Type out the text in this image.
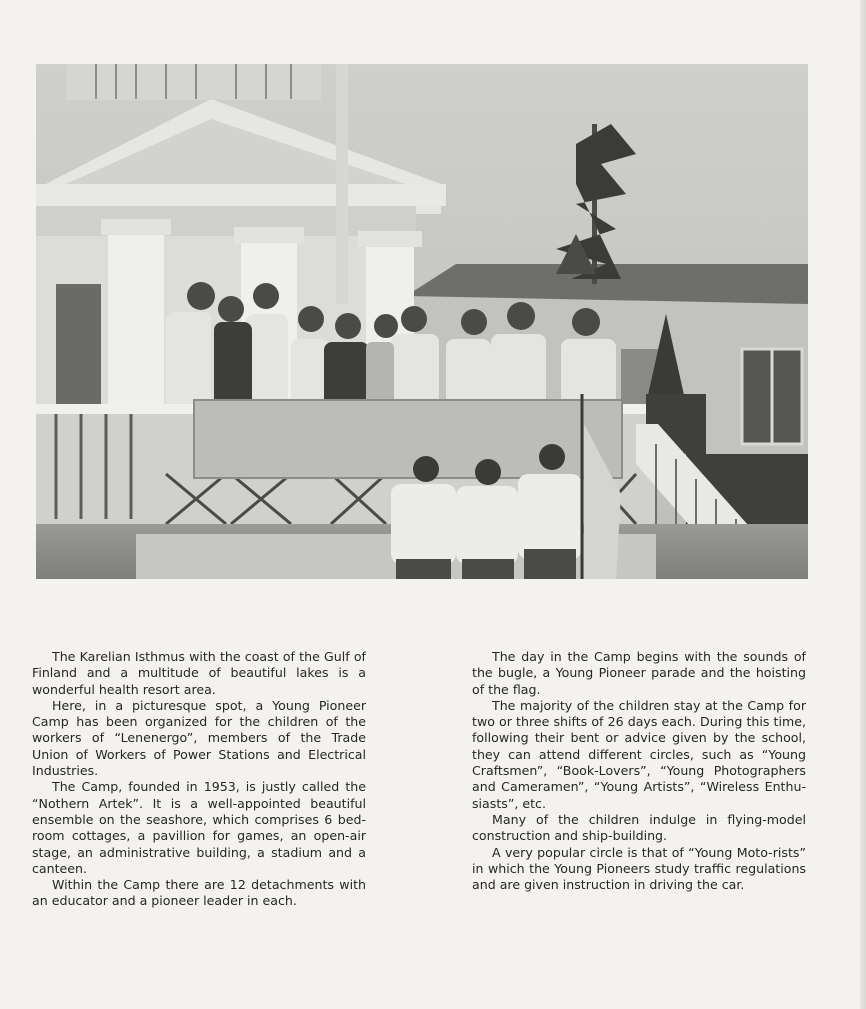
The Karelian Isthmus with the coast of the Gulf of Finland and a multitude of beautiful lakes is a wonderful health resort area.

Here, in a picturesque spot, a Young Pioneer Camp has been organized for the children of the workers of “Lenenergo”, members of the Trade Union of Workers of Power Stations and Electrical Industries.

The Camp, founded in 1953, is justly called the “Nothern Artek”. It is a well-appointed beautiful ensemble on the seashore, which comprises 6 bed-room cottages, a pavillion for games, an open-air stage, an administrative building, a stadium and a canteen.

Within the Camp there are 12 detachments with an educator and a pioneer leader in each.

The day in the Camp begins with the sounds of the bugle, a Young Pioneer parade and the hoisting of the flag.

The majority of the children stay at the Camp for two or three shifts of 26 days each. During this time, following their bent or advice given by the school, they can attend different circles, such as “Young Craftsmen”, “Book-Lovers”, “Young Photographers and Cameramen”, “Young Artists”, “Wireless Enthu-siasts”, etc.

Many of the children indulge in flying-model construction and ship-building.

A very popular circle is that of “Young Moto-rists” in which the Young Pioneers study traffic regulations and are given instruction in driving the car.
